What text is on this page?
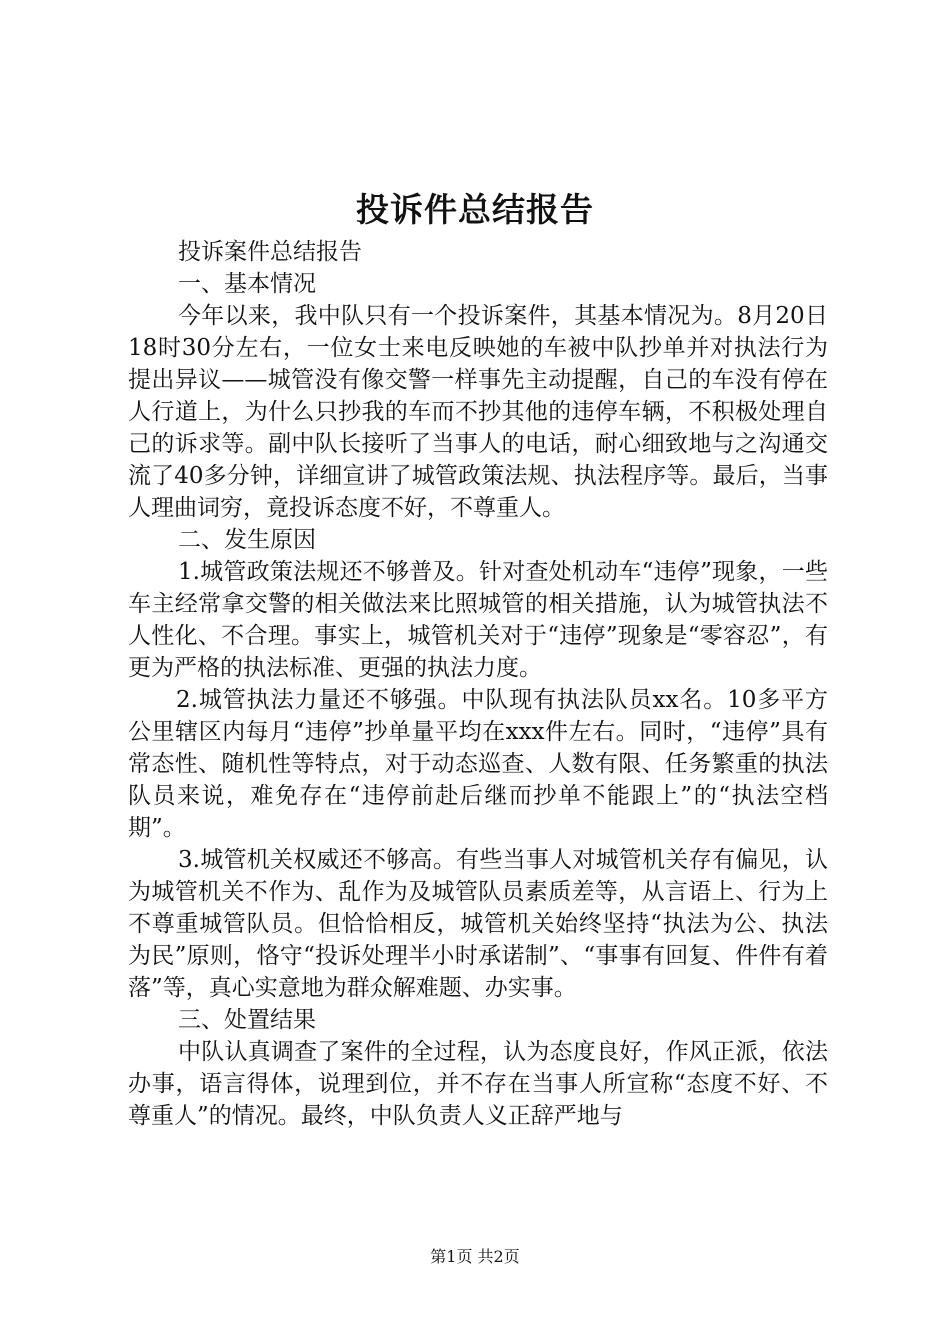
投诉件总结报告

投诉案件总结报告

一、基本情况

今年以来，我中队只有一个投诉案件，其基本情况为。8月20日18时30分左右，一位女士来电反映她的车被中队抄单并对执法行为提出异议——城管没有像交警一样事先主动提醒，自己的车没有停在人行道上，为什么只抄我的车而不抄其他的违停车辆，不积极处理自己的诉求等。副中队长接听了当事人的电话，耐心细致地与之沟通交流了40多分钟，详细宣讲了城管政策法规、执法程序等。最后，当事人理曲词穷，竟投诉态度不好，不尊重人。

二、发生原因

1.城管政策法规还不够普及。针对查处机动车“违停”现象，一些车主经常拿交警的相关做法来比照城管的相关措施，认为城管执法不人性化、不合理。事实上，城管机关对于“违停”现象是“零容忍”，有更为严格的执法标准、更强的执法力度。

2.城管执法力量还不够强。中队现有执法队员xx名。10多平方公里辖区内每月“违停”抄单量平均在xxx件左右。同时，“违停”具有常态性、随机性等特点，对于动态巡查、人数有限、任务繁重的执法队员来说，难免存在“违停前赴后继而抄单不能跟上”的“执法空档期”。

3.城管机关权威还不够高。有些当事人对城管机关存有偏见，认为城管机关不作为、乱作为及城管队员素质差等，从言语上、行为上不尊重城管队员。但恰恰相反，城管机关始终坚持“执法为公、执法为民”原则，恪守“投诉处理半小时承诺制”、“事事有回复、件件有着落”等，真心实意地为群众解难题、办实事。

三、处置结果

中队认真调查了案件的全过程，认为态度良好，作风正派，依法办事，语言得体，说理到位，并不存在当事人所宣称“态度不好、不尊重人”的情况。最终，中队负责人义正辞严地与

第1页 共2页
